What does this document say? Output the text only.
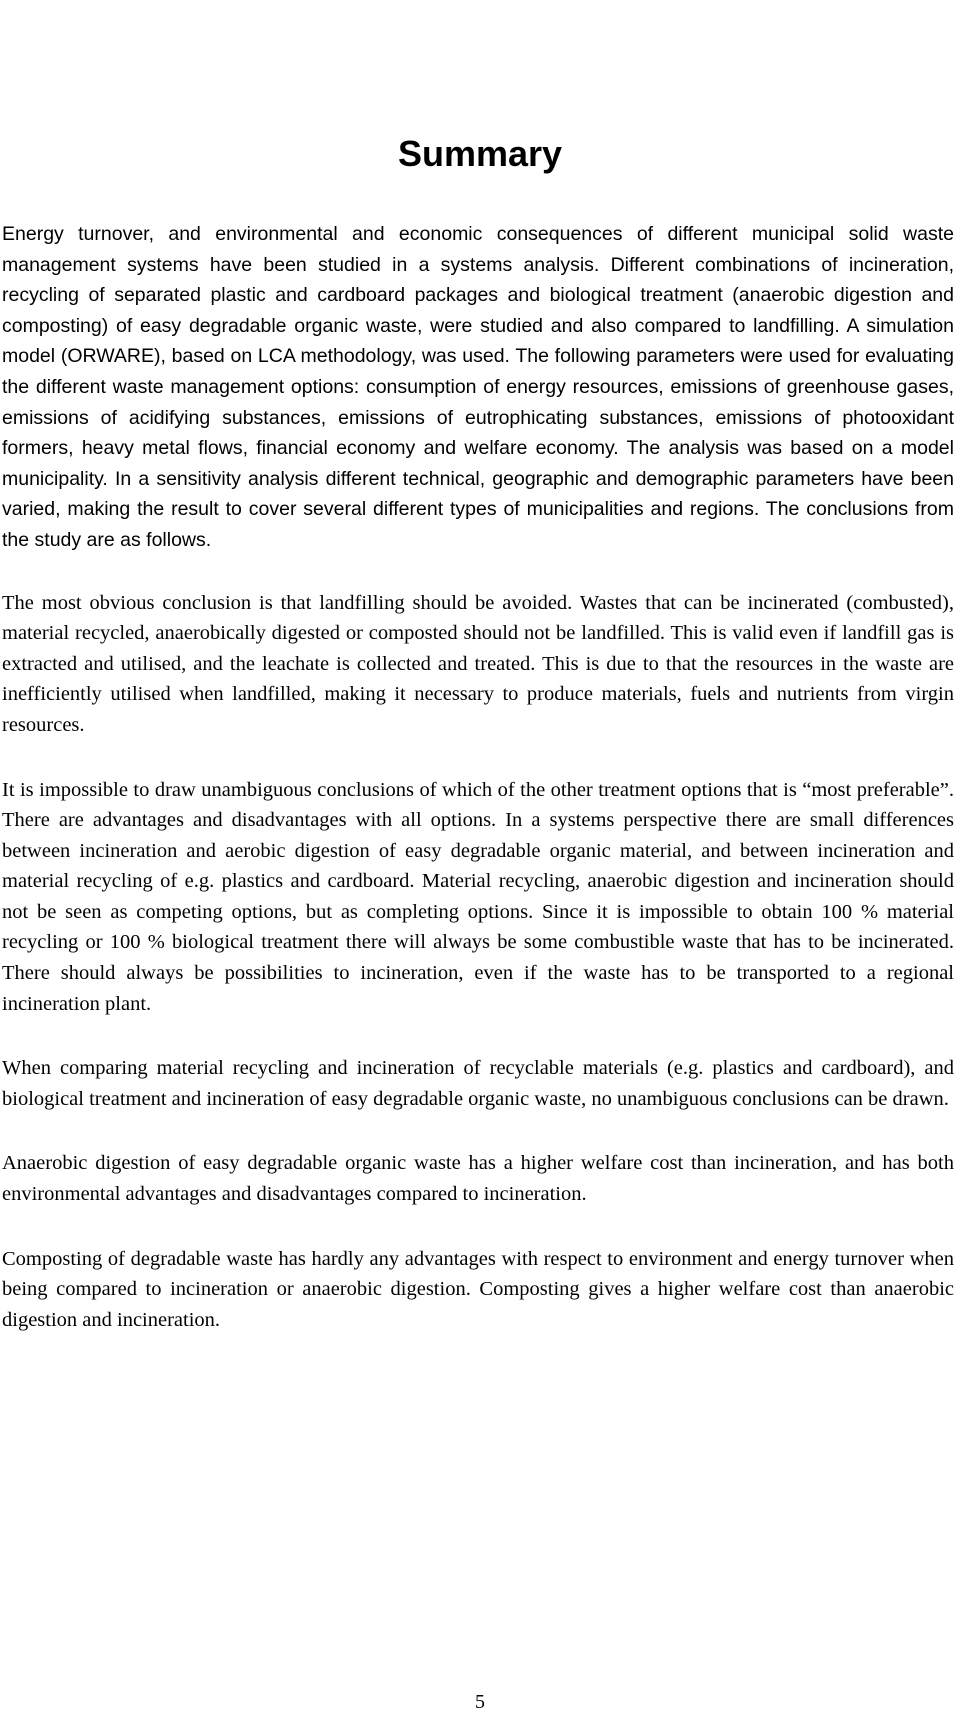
Summary

Energy turnover, and environmental and economic consequences of different municipal solid waste management systems have been studied in a systems analysis. Different combinations of incineration, recycling of separated plastic and cardboard packages and biological treatment (anaerobic digestion and composting) of easy degradable organic waste, were studied and also compared to landfilling. A simulation model (ORWARE), based on LCA methodology, was used. The following parameters were used for evaluating the different waste management options: consumption of energy resources, emissions of greenhouse gases, emissions of acidifying substances, emissions of eutrophicating substances, emissions of photooxidant formers, heavy metal flows, financial economy and welfare economy. The analysis was based on a model municipality. In a sensitivity analysis different technical, geographic and demographic parameters have been varied, making the result to cover several different types of municipalities and regions. The conclusions from the study are as follows.

The most obvious conclusion is that landfilling should be avoided. Wastes that can be incinerated (combusted), material recycled, anaerobically digested or composted should not be landfilled. This is valid even if landfill gas is extracted and utilised, and the leachate is collected and treated. This is due to that the resources in the waste are inefficiently utilised when landfilled, making it necessary to produce materials, fuels and nutrients from virgin resources.

It is impossible to draw unambiguous conclusions of which of the other treatment options that is “most preferable”. There are advantages and disadvantages with all options. In a systems perspective there are small differences between incineration and aerobic digestion of easy degradable organic material, and between incineration and material recycling of e.g. plastics and cardboard. Material recycling, anaerobic digestion and incineration should not be seen as competing options, but as completing options. Since it is impossible to obtain 100 % material recycling or 100 % biological treatment there will always be some combustible waste that has to be incinerated. There should always be possibilities to incineration, even if the waste has to be transported to a regional incineration plant.

When comparing material recycling and incineration of recyclable materials (e.g. plastics and cardboard), and biological treatment and incineration of easy degradable organic waste, no unambiguous conclusions can be drawn.

Anaerobic digestion of easy degradable organic waste has a higher welfare cost than incineration, and has both environmental advantages and disadvantages compared to incineration.

Composting of degradable waste has hardly any advantages with respect to environment and energy turnover when being compared to incineration or anaerobic digestion. Composting gives a higher welfare cost than anaerobic digestion and incineration.

5
